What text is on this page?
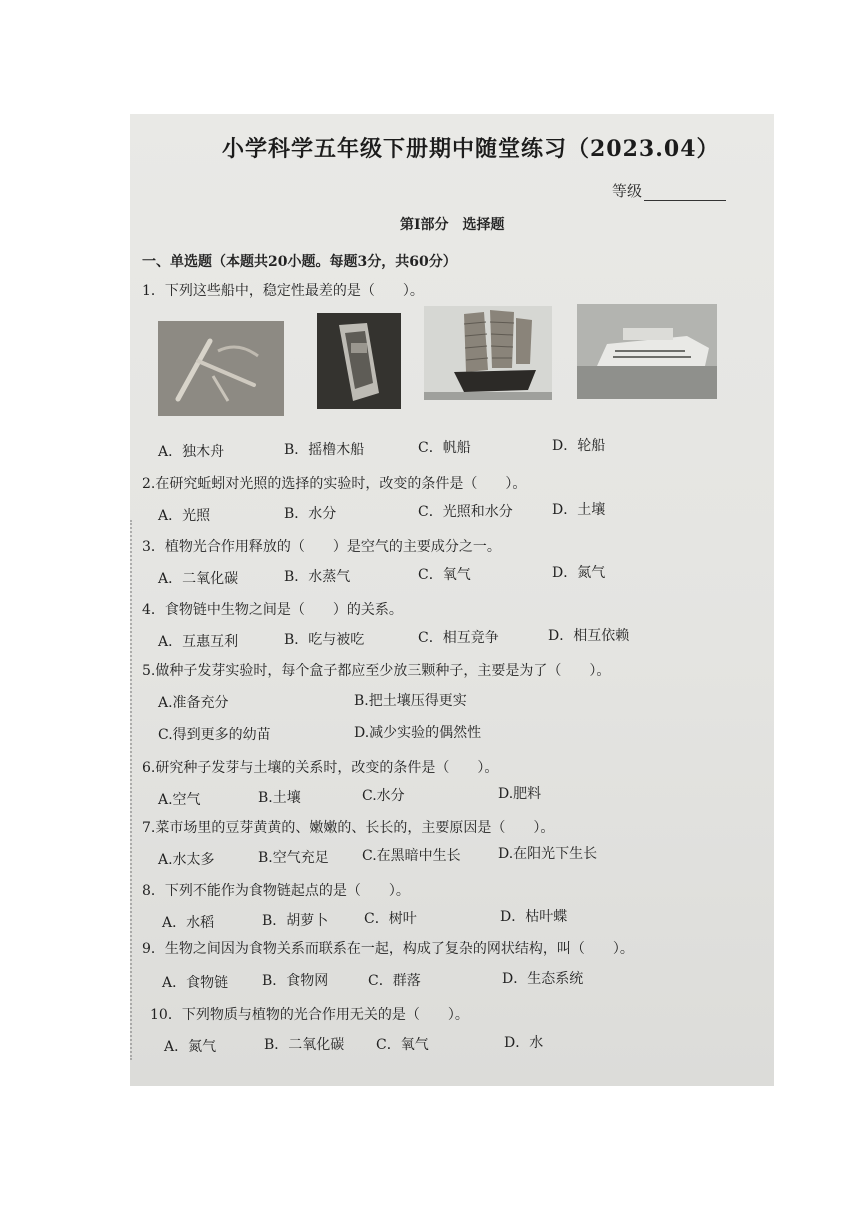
小学科学五年级下册期中随堂练习（2023.04）
等级
第Ⅰ部分　选择题
一、单选题（本题共20小题。每题3分，共60分）
1．下列这些船中，稳定性最差的是（　　）。
A．独木舟	B．摇橹木船	C．帆船	D．轮船
2.在研究蚯蚓对光照的选择的实验时，改变的条件是（　　）。
A．光照	B．水分	C．光照和水分	D．土壤
3．植物光合作用释放的（　　）是空气的主要成分之一。
A．二氧化碳	B．水蒸气	C．氧气	D．氮气
4．食物链中生物之间是（　　）的关系。
A．互惠互利	B．吃与被吃	C．相互竞争	D．相互依赖
5.做种子发芽实验时，每个盒子都应至少放三颗种子，主要是为了（　　）。
A.准备充分	B.把土壤压得更实
C.得到更多的幼苗	D.减少实验的偶然性
6.研究种子发芽与土壤的关系时，改变的条件是（　　）。
A.空气	B.土壤	C.水分	D.肥料
7.菜市场里的豆芽黄黄的、嫩嫩的、长长的，主要原因是（　　）。
A.水太多	B.空气充足 C.在黑暗中生长	D.在阳光下生长
8．下列不能作为食物链起点的是（　　）。
A．水稻	B．胡萝卜	C．树叶	D．枯叶蝶
9．生物之间因为食物关系而联系在一起，构成了复杂的网状结构，叫（　　）。
A．食物链 B．食物网	C．群落	D．生态系统
10．下列物质与植物的光合作用无关的是（　　）。
A．氮气	B．二氧化碳 C．氧气	D．水
